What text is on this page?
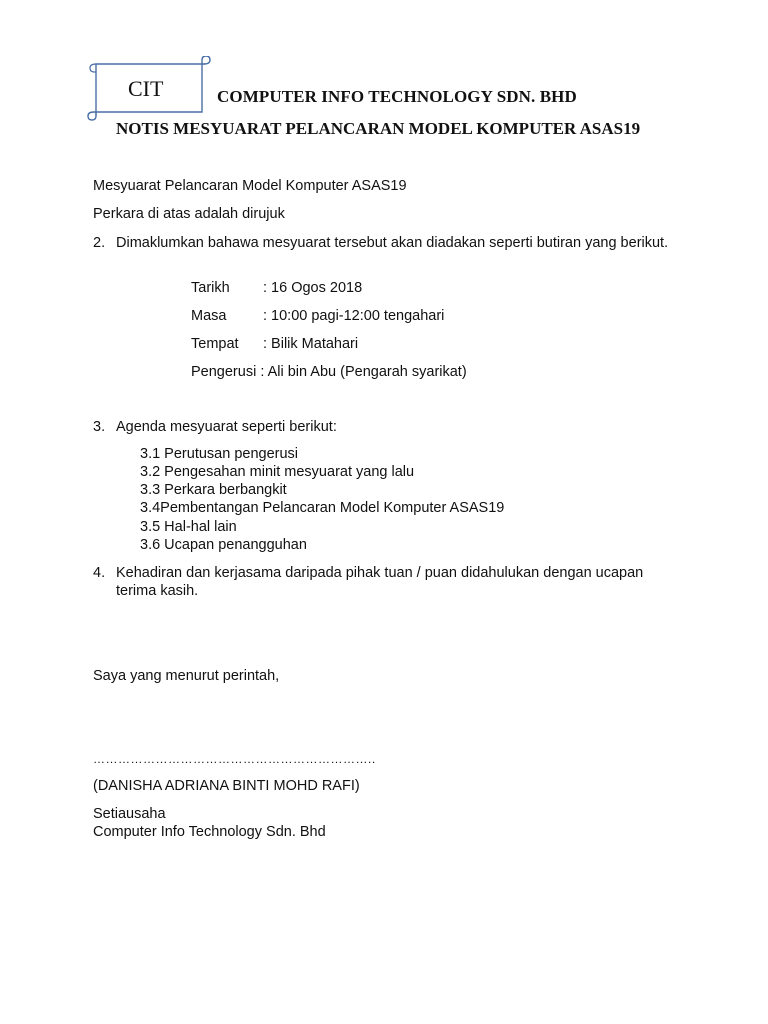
CIT	COMPUTER INFO TECHNOLOGY SDN. BHD
NOTIS MESYUARAT PELANCARAN MODEL KOMPUTER ASAS19
Mesyuarat Pelancaran Model Komputer ASAS19
Perkara di atas adalah dirujuk
2. Dimaklumkan bahawa mesyuarat tersebut akan diadakan seperti butiran yang berikut.
Tarikh	: 16 Ogos 2018
Masa	: 10:00 pagi-12:00 tengahari
Tempat	: Bilik Matahari
Pengerusi : Ali bin Abu (Pengarah syarikat)
3. Agenda mesyuarat seperti berikut:
3.1 Perutusan pengerusi
3.2 Pengesahan minit mesyuarat yang lalu
3.3 Perkara berbangkit
3.4Pembentangan Pelancaran Model Komputer ASAS19
3.5 Hal-hal lain
3.6 Ucapan penangguhan
4. Kehadiran dan kerjasama daripada pihak tuan / puan didahulukan dengan ucapan terima kasih.
Saya yang menurut perintah,
…………………………………………………………..
(DANISHA ADRIANA BINTI MOHD RAFI)
Setiausaha
Computer Info Technology Sdn. Bhd
